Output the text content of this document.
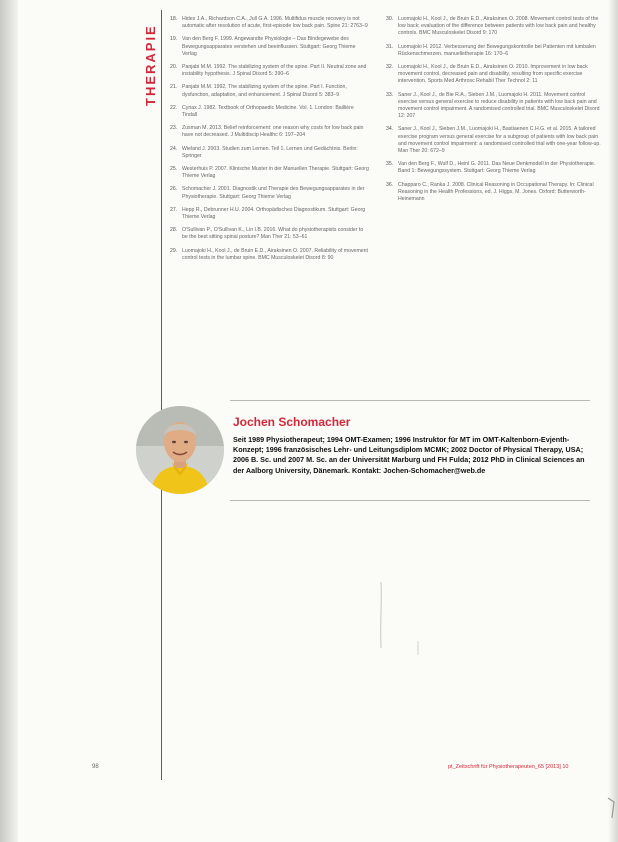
THERAPIE
18. Hides J.A., Richardson C.A., Jull G.A. 1996. Multifidus muscle recovery is not automatic after resolution of acute, first-episode low back pain. Spine 21: 2763–9
19. Van den Berg F. 1999. Angewandte Physiologie – Das Bindegewebe des Bewegungsapparates verstehen und beeinflussen. Stuttgart: Georg Thieme Verlag
20. Panjabi M.M. 1992. The stabilizing system of the spine. Part II. Neutral zone and instability hypothesis. J Spinal Disord 5: 390–6
21. Panjabi M.M. 1992. The stabilizing system of the spine. Part I. Function, dysfunction, adaptation, and enhancement. J Spinal Disord 5: 383–9
22. Cyriax J. 1982. Textbook of Orthopaedic Medicine. Vol. 1. London: Baillière Tindall
23. Zusman M. 2013. Belief reinforcement: one reason why costs for low back pain have not decreased. J Multidiscip Healthc 6: 197–204
24. Wieland J. 2003. Studien zum Lernen. Teil 1. Lernen und Gedächtnis. Berlin: Springer
25. Westerhuis P. 2007. Klinische Muster in der Manuellen Therapie. Stuttgart: Georg Thieme Verlag
26. Schomacher J. 2001. Diagnostik und Therapie des Bewegungsapparates in der Physiotherapie. Stuttgart: Georg Thieme Verlag
27. Hepp R., Debrunner H.U. 2004. Orthopädisches Diagnostikum. Stuttgart: Georg Thieme Verlag
28. O'Sullivan P., O'Sullivan K., Lin I.B. 2016. What do physiotherapists consider to be the best sitting spinal posture? Man Ther 21: 53–61
29. Luomajoki H., Kool J., de Bruin E.D., Airaksinen O. 2007. Reliability of movement control tests in the lumbar spine. BMC Musculoskelet Disord 8: 90
30. Luomajoki H., Kool J., de Bruin E.D., Airaksinen O. 2008. Movement control tests of the low back; evaluation of the difference between patients with low back pain and healthy controls. BMC Musculoskelet Disord 9: 170
31. Luomajoki H. 2012. Verbesserung der Bewegungskontrolle bei Patienten mit lumbalen Rückenschmerzen. manuelletherapie 16: 170–6
32. Luomajoki H., Kool J., de Bruin E.D., Airaksinen O. 2010. Improvement in low back movement control, decreased pain and disability, resulting from specific exercise intervention. Sports Med Arthrosc Rehabil Ther Technol 2: 11
33. Saner J., Kool J., de Bie R.A., Sieben J.M., Luomajoki H. 2011. Movement control exercise versus general exercise to reduce disability in patients with low back pain and movement control impairment. A randomised controlled trial. BMC Musculoskelet Disord 12: 207
34. Saner J., Kool J., Sieben J.M., Luomajoki H., Bastiaenen C.H.G. et al. 2015. A tailored exercise program versus general exercise for a subgroup of patients with low back pain and movement control impairment: a randomised controlled trial with one-year follow-up. Man Ther 20: 672–9
35. Van den Berg F., Wulf D., Heinl G. 2011. Das Neue Denkmodell in der Physiotherapie. Band 1: Bewegungssystem. Stuttgart: Georg Thieme Verlag
36. Chapparo C., Ranka J. 2008. Clinical Reasoning in Occupational Therapy. In: Clinical Reasoning in the Health Professions, ed. J. Higgs, M. Jones. Oxford: Butterworth-Heinemann
Jochen Schomacher
Seit 1989 Physiotherapeut; 1994 OMT-Examen; 1996 Instruktor für MT im OMT-Kaltenborn-Evjenth-Konzept; 1996 französisches Lehr- und Leitungsdiplom MCMK; 2002 Doctor of Physical Therapy, USA; 2006 B. Sc. und 2007 M. Sc. an der Universität Marburg und FH Fulda; 2012 PhD in Clinical Sciences an der Aalborg University, Dänemark. Kontakt: Jochen-Schomacher@web.de
98	pt_Zeitschrift für Physiotherapeuten_65 [2013] 10
